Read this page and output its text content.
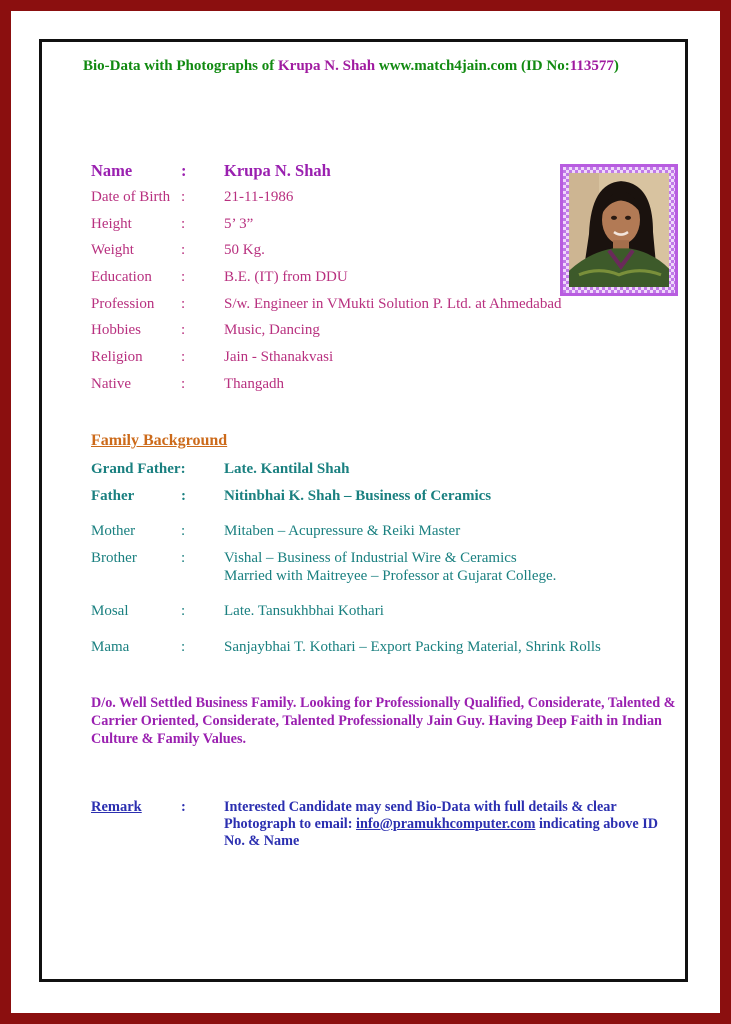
Bio-Data with Photographs of Krupa N. Shah www.match4jain.com (ID No:113577)
Name	: Krupa N. Shah
Date of Birth :	21-11-1986
Height	:	5’ 3”
Weight	:	50 Kg.
Education :	B.E. (IT) from DDU
Profession :	S/w. Engineer in VMukti Solution P. Ltd. at Ahmedabad
Hobbies	:	Music, Dancing
Religion	:	Jain - Sthanakvasi
Native	:	Thangadh
Family Background
Grand Father:	Late. Kantilal Shah
Father	:	Nitinbhai K. Shah – Business of Ceramics
Mother	:	Mitaben – Acupressure & Reiki Master
Brother	:	Vishal – Business of Industrial Wire & Ceramics
Married with Maitreyee – Professor at Gujarat College.
Mosal	:	Late. Tansukhbhai Kothari
Mama	:	Sanjaybhai T. Kothari – Export Packing Material, Shrink Rolls
D/o. Well Settled Business Family. Looking for Professionally Qualified, Considerate, Talented & Carrier Oriented, Considerate, Talented Professionally Jain Guy. Having Deep Faith in Indian Culture & Family Values.
Remark	:	Interested Candidate may send Bio-Data with full details & clear Photograph to email: info@pramukhcomputer.com indicating above ID No. & Name
